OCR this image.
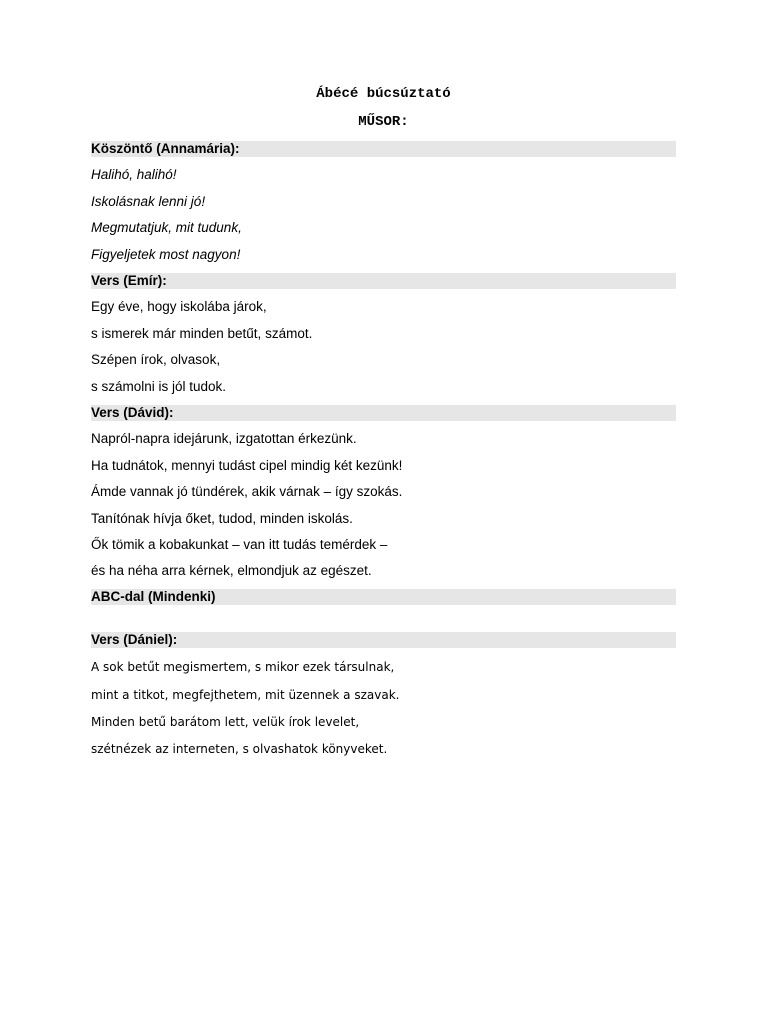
Ábécé búcsúztató
MŰSOR:
Köszöntő (Annamária):
Halihó, halihó!
Iskolásnak lenni jó!
Megmutatjuk, mit tudunk,
Figyeljetek most nagyon!
Vers (Emír):
Egy éve, hogy iskolába járok,
s ismerek már minden betűt, számot.
Szépen írok, olvasok,
s számolni is jól tudok.
Vers (Dávid):
Napról-napra idejárunk, izgatottan érkezünk.
Ha tudnátok, mennyi tudást cipel mindig két kezünk!
Ámde vannak jó tündérek, akik várnak – így szokás.
Tanítónak hívja őket, tudod, minden iskolás.
Ők tömik a kobakunkat – van itt tudás temérdek –
és ha néha arra kérnek, elmondjuk az egészet.
ABC-dal (Mindenki)
Vers (Dániel):
A sok betűt megismertem, s mikor ezek társulnak,
mint a titkot, megfejthetem, mit üzennek a szavak.
Minden betű barátom lett, velük írok levelet,
szétnézek az interneten, s olvashatok könyveket.
